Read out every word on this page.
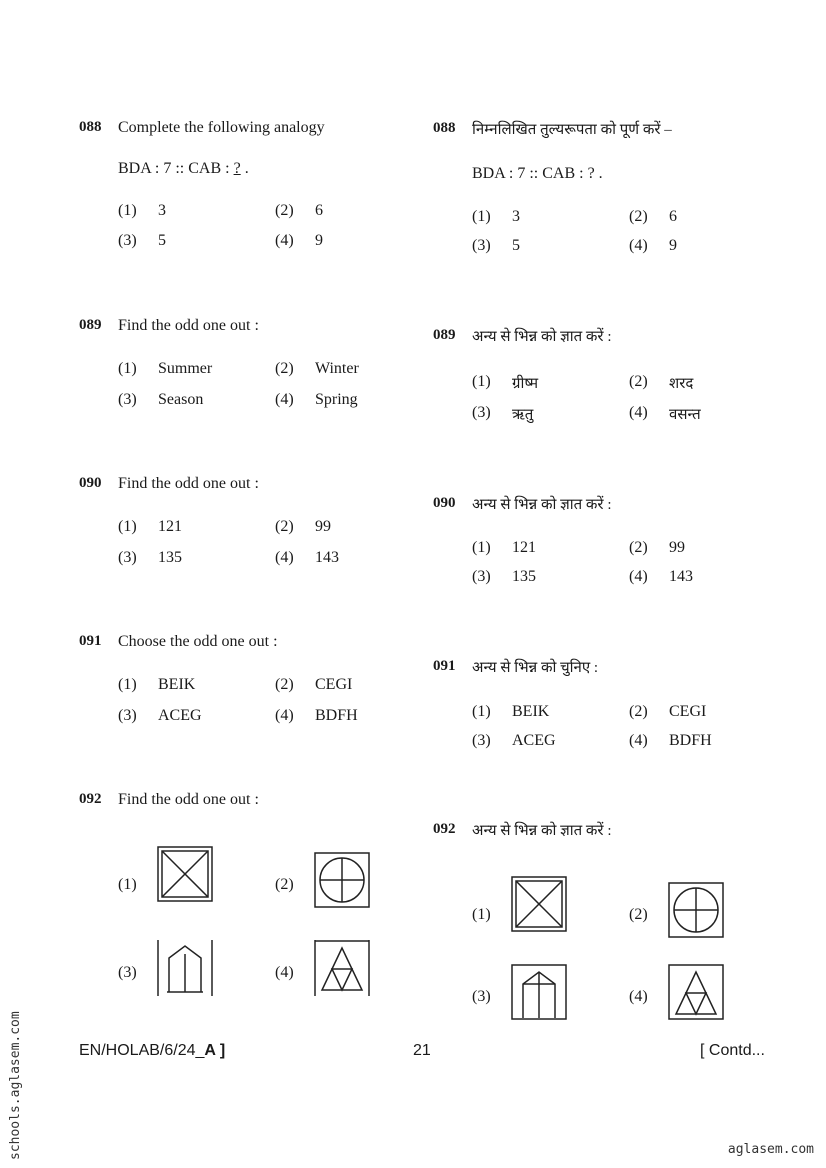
088 Complete the following analogy
BDA : 7 :: CAB : ? .
(1) 3	(2) 6
(3) 5	(4) 9
089 Find the odd one out :
(1) Summer	(2) Winter
(3) Season	(4) Spring
090 Find the odd one out :
(1) 121	(2) 99
(3) 135	(4) 143
091 Choose the odd one out :
(1) BEIK	(2) CEGI
(3) ACEG	(4) BDFH
092 Find the odd one out :
(1)	(2)
(3)	(4)
088 निम्नलिखित तुल्यरूपता को पूर्ण करें –
BDA : 7 :: CAB : ? .
(1) 3	(2) 6
(3) 5	(4) 9
089 अन्य से भिन्न को ज्ञात करें :
(1) ग्रीष्म	(2) शरद
(3) ऋतु	(4) वसन्त
090 अन्य से भिन्न को ज्ञात करें :
(1) 121	(2) 99
(3) 135	(4) 143
091 अन्य से भिन्न को चुनिए :
(1) BEIK	(2) CEGI
(3) ACEG	(4) BDFH
092 अन्य से भिन्न को ज्ञात करें :
(1)	(2)
(3)	(4)
EN/HOLAB/6/24_A ]	21	[ Contd...
schools.aglasem.com	aglasem.com
